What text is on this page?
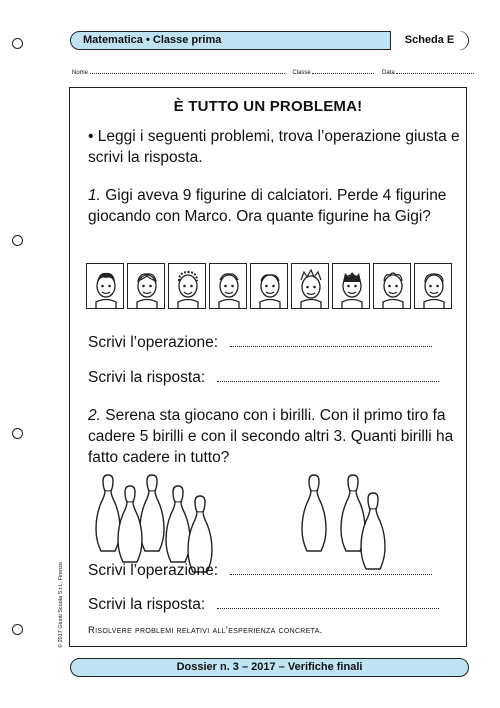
Matematica • Classe prima	Scheda E
Nome	Classe	Data
© 2017 Giunti Scuola S.r.l., Firenze
È TUTTO UN PROBLEMA!
• Leggi i seguenti problemi, trova l’operazione giusta e scrivi la risposta.
1. Gigi aveva 9 figurine di calciatori. Perde 4 figurine giocando con Marco. Ora quante figurine ha Gigi?
Scrivi l’operazione:
Scrivi la risposta:
2. Serena sta giocano con i birilli. Con il primo tiro fa cadere 5 birilli e con il secondo altri 3. Quanti birilli ha fatto cadere in tutto?
Scrivi l’operazione:
Scrivi la risposta:
Risolvere problemi relativi all’esperienza concreta.
Dossier n. 3 – 2017 – Verifiche finali
